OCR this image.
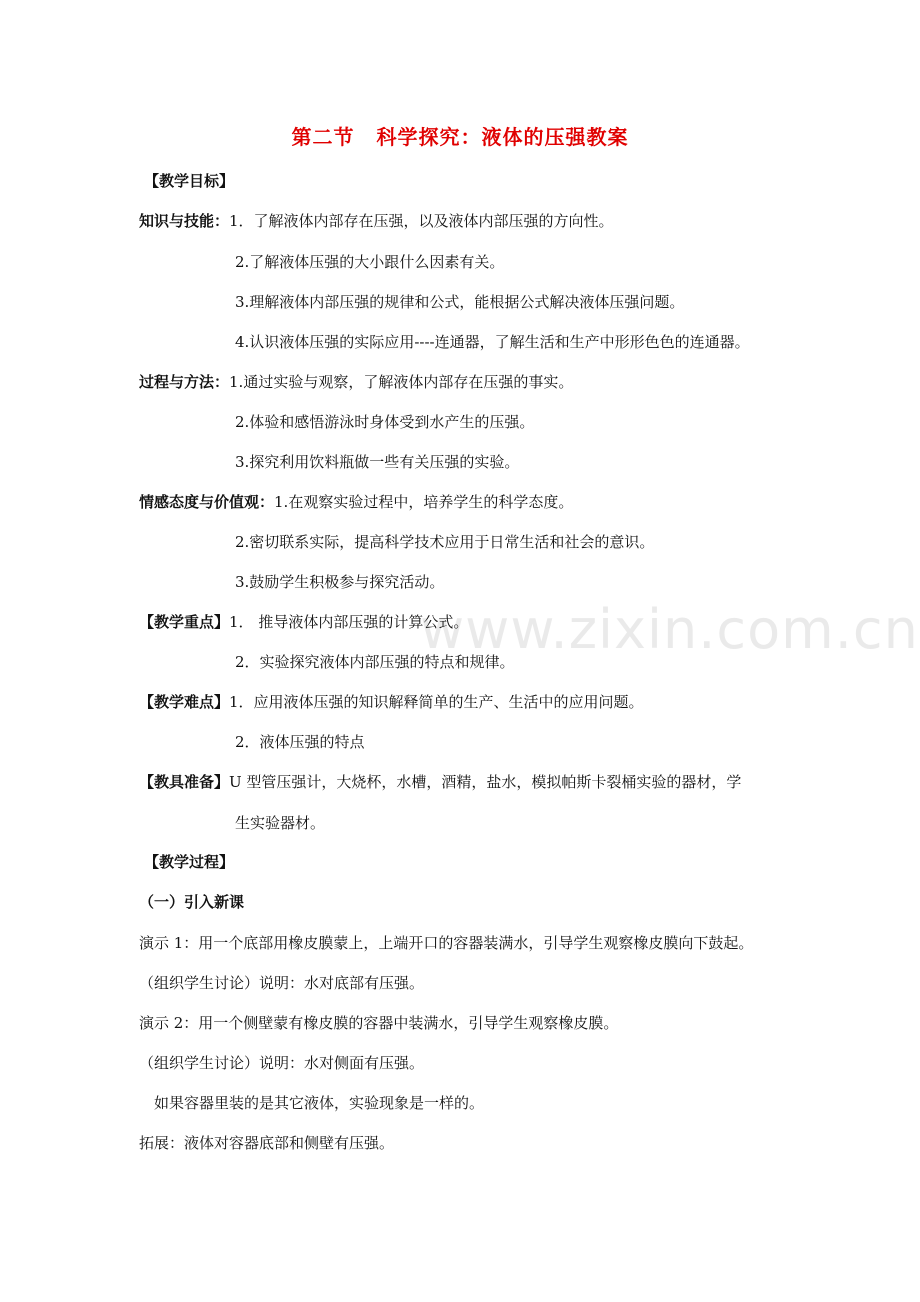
第二节 科学探究：液体的压强教案
www.zixin.com.cn
【教学目标】
知识与技能：1．了解液体内部存在压强，以及液体内部压强的方向性。
2.了解液体压强的大小跟什么因素有关。
3.理解液体内部压强的规律和公式，能根据公式解决液体压强问题。
4.认识液体压强的实际应用----连通器，了解生活和生产中形形色色的连通器。
过程与方法：1.通过实验与观察，了解液体内部存在压强的事实。
2.体验和感悟游泳时身体受到水产生的压强。
3.探究利用饮料瓶做一些有关压强的实验。
情感态度与价值观：1.在观察实验过程中，培养学生的科学态度。
2.密切联系实际，提高科学技术应用于日常生活和社会的意识。
3.鼓励学生积极参与探究活动。
【教学重点】1． 推导液体内部压强的计算公式。
2．实验探究液体内部压强的特点和规律。
【教学难点】1．应用液体压强的知识解释简单的生产、生活中的应用问题。
2．液体压强的特点
【教具准备】U 型管压强计，大烧杯，水槽，酒精，盐水，模拟帕斯卡裂桶实验的器材，学
生实验器材。
【教学过程】
（一）引入新课
演示 1：用一个底部用橡皮膜蒙上，上端开口的容器装满水，引导学生观察橡皮膜向下鼓起。
（组织学生讨论）说明：水对底部有压强。
演示 2：用一个侧壁蒙有橡皮膜的容器中装满水，引导学生观察橡皮膜。
（组织学生讨论）说明：水对侧面有压强。
如果容器里装的是其它液体，实验现象是一样的。
拓展：液体对容器底部和侧壁有压强。
